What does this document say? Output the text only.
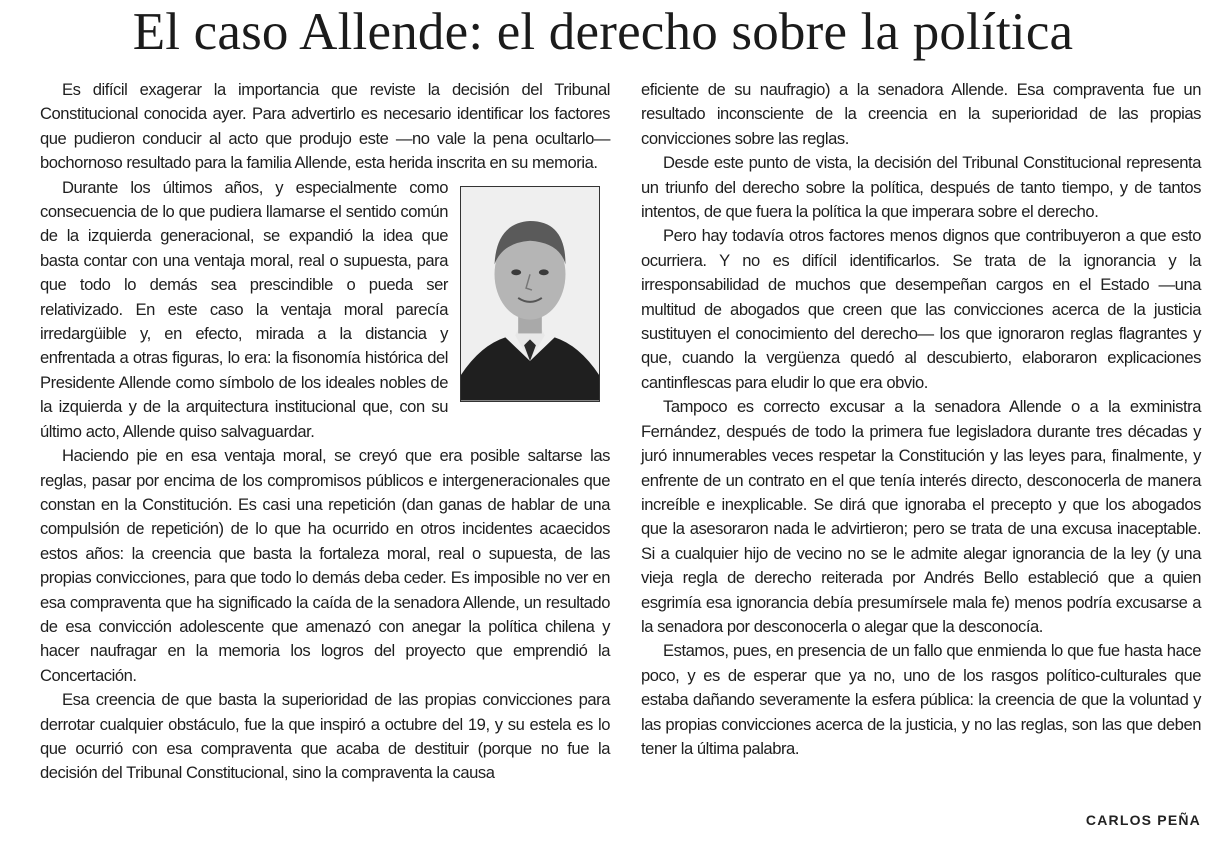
El caso Allende: el derecho sobre la política

Es difícil exagerar la importancia que reviste la decisión del Tribunal Constitucional conocida ayer. Para advertirlo es necesario identificar los factores que pudieron conducir al acto que produjo este —no vale la pena ocultarlo— bochornoso resultado para la familia Allende, esta herida inscrita en su memoria.

Durante los últimos años, y especialmente como consecuencia de lo que pudiera llamarse el sentido común de la izquierda generacional, se expandió la idea que basta contar con una ventaja moral, real o supuesta, para que todo lo demás sea prescindible o pueda ser relativizado. En este caso la ventaja moral parecía irredargüible y, en efecto, mirada a la distancia y enfrentada a otras figuras, lo era: la fisonomía histórica del Presidente Allende como símbolo de los ideales nobles de la izquierda y de la arquitectura institucional que, con su último acto, Allende quiso salvaguardar.

Haciendo pie en esa ventaja moral, se creyó que era posible saltarse las reglas, pasar por encima de los compromisos públicos e intergeneracionales que constan en la Constitución. Es casi una repetición (dan ganas de hablar de una compulsión de repetición) de lo que ha ocurrido en otros incidentes acaecidos estos años: la creencia que basta la fortaleza moral, real o supuesta, de las propias convicciones, para que todo lo demás deba ceder. Es imposible no ver en esa compraventa que ha significado la caída de la senadora Allende, un resultado de esa convicción adolescente que amenazó con anegar la política chilena y hacer naufragar en la memoria los logros del proyecto que emprendió la Concertación.

Esa creencia de que basta la superioridad de las propias convicciones para derrotar cualquier obstáculo, fue la que inspiró a octubre del 19, y su estela es lo que ocurrió con esa compraventa que acaba de destituir (porque no fue la decisión del Tribunal Constitucional, sino la compraventa la causa

eficiente de su naufragio) a la senadora Allende. Esa compraventa fue un resultado inconsciente de la creencia en la superioridad de las propias convicciones sobre las reglas.

Desde este punto de vista, la decisión del Tribunal Constitucional representa un triunfo del derecho sobre la política, después de tanto tiempo, y de tantos intentos, de que fuera la política la que imperara sobre el derecho.

Pero hay todavía otros factores menos dignos que contribuyeron a que esto ocurriera. Y no es difícil identificarlos. Se trata de la ignorancia y la irresponsabilidad de muchos que desempeñan cargos en el Estado —una multitud de abogados que creen que las convicciones acerca de la justicia sustituyen el conocimiento del derecho— los que ignoraron reglas flagrantes y que, cuando la vergüenza quedó al descubierto, elaboraron explicaciones cantinflescas para eludir lo que era obvio.

Tampoco es correcto excusar a la senadora Allende o a la exministra Fernández, después de todo la primera fue legisladora durante tres décadas y juró innumerables veces respetar la Constitución y las leyes para, finalmente, y enfrente de un contrato en el que tenía interés directo, desconocerla de manera increíble e inexplicable. Se dirá que ignoraba el precepto y que los abogados que la asesoraron nada le advirtieron; pero se trata de una excusa inaceptable. Si a cualquier hijo de vecino no se le admite alegar ignorancia de la ley (y una vieja regla de derecho reiterada por Andrés Bello estableció que a quien esgrimía esa ignorancia debía presumírsele mala fe) menos podría excusarse a la senadora por desconocerla o alegar que la desconocía.

Estamos, pues, en presencia de un fallo que enmienda lo que fue hasta hace poco, y es de esperar que ya no, uno de los rasgos político-culturales que estaba dañando severamente la esfera pública: la creencia de que la voluntad y las propias convicciones acerca de la justicia, y no las reglas, son las que deben tener la última palabra.

CARLOS PEÑA
